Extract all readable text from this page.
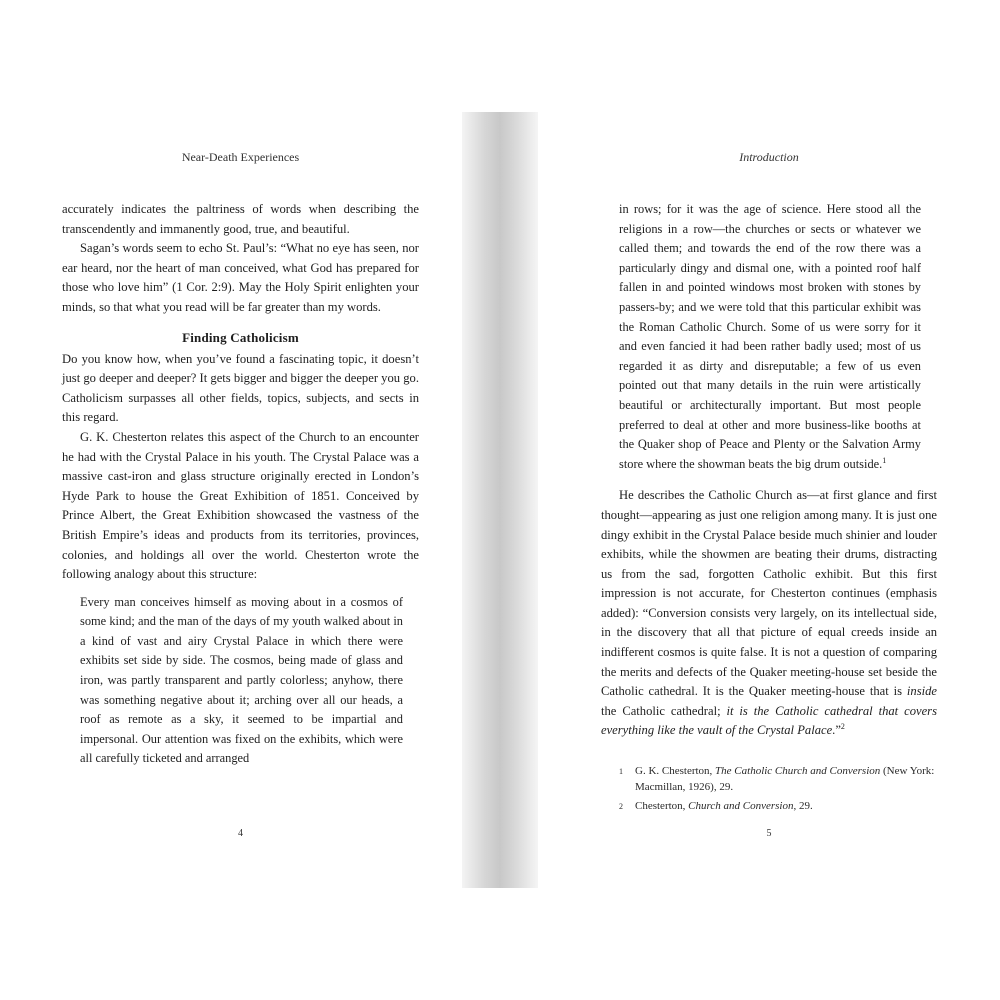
Near-Death Experiences

accurately indicates the paltriness of words when describing the transcendently and immanently good, true, and beautiful.

Sagan’s words seem to echo St. Paul’s: “What no eye has seen, nor ear heard, nor the heart of man conceived, what God has prepared for those who love him” (1 Cor. 2:9). May the Holy Spirit enlighten your minds, so that what you read will be far greater than my words.

Finding Catholicism

Do you know how, when you’ve found a fascinating topic, it doesn’t just go deeper and deeper? It gets bigger and bigger the deeper you go. Catholicism surpasses all other fields, topics, subjects, and sects in this regard.

G. K. Chesterton relates this aspect of the Church to an encounter he had with the Crystal Palace in his youth. The Crystal Palace was a massive cast-iron and glass structure originally erected in London’s Hyde Park to house the Great Exhibition of 1851. Conceived by Prince Albert, the Great Exhibition showcased the vastness of the British Empire’s ideas and products from its territories, provinces, colonies, and holdings all over the world. Chesterton wrote the following analogy about this structure:

Every man conceives himself as moving about in a cosmos of some kind; and the man of the days of my youth walked about in a kind of vast and airy Crystal Palace in which there were exhibits set side by side. The cosmos, being made of glass and iron, was partly transparent and partly colorless; anyhow, there was something negative about it; arching over all our heads, a roof as remote as a sky, it seemed to be impartial and impersonal. Our attention was fixed on the exhibits, which were all carefully ticketed and arranged

4
Introduction

in rows; for it was the age of science. Here stood all the religions in a row—the churches or sects or whatever we called them; and towards the end of the row there was a particularly dingy and dismal one, with a pointed roof half fallen in and pointed windows most broken with stones by passers-by; and we were told that this particular exhibit was the Roman Catholic Church. Some of us were sorry for it and even fancied it had been rather badly used; most of us regarded it as dirty and disreputable; a few of us even pointed out that many details in the ruin were artistically beautiful or architecturally important. But most people preferred to deal at other and more business-like booths at the Quaker shop of Peace and Plenty or the Salvation Army store where the showman beats the big drum outside.$^1$

He describes the Catholic Church as—at first glance and first thought—appearing as just one religion among many. It is just one dingy exhibit in the Crystal Palace beside much shinier and louder exhibits, while the showmen are beating their drums, distracting us from the sad, forgotten Catholic exhibit. But this first impression is not accurate, for Chesterton continues (emphasis added): “Conversion consists very largely, on its intellectual side, in the discovery that all that picture of equal creeds inside an indifferent cosmos is quite false. It is not a question of comparing the merits and defects of the Quaker meeting-house set beside the Catholic cathedral. It is the Quaker meeting-house that is inside the Catholic cathedral; it is the Catholic cathedral that covers everything like the vault of the Crystal Palace.”$^2$

1	G. K. Chesterton, The Catholic Church and Conversion (New York: Macmillan, 1926), 29.
2	Chesterton, Church and Conversion, 29.
5
